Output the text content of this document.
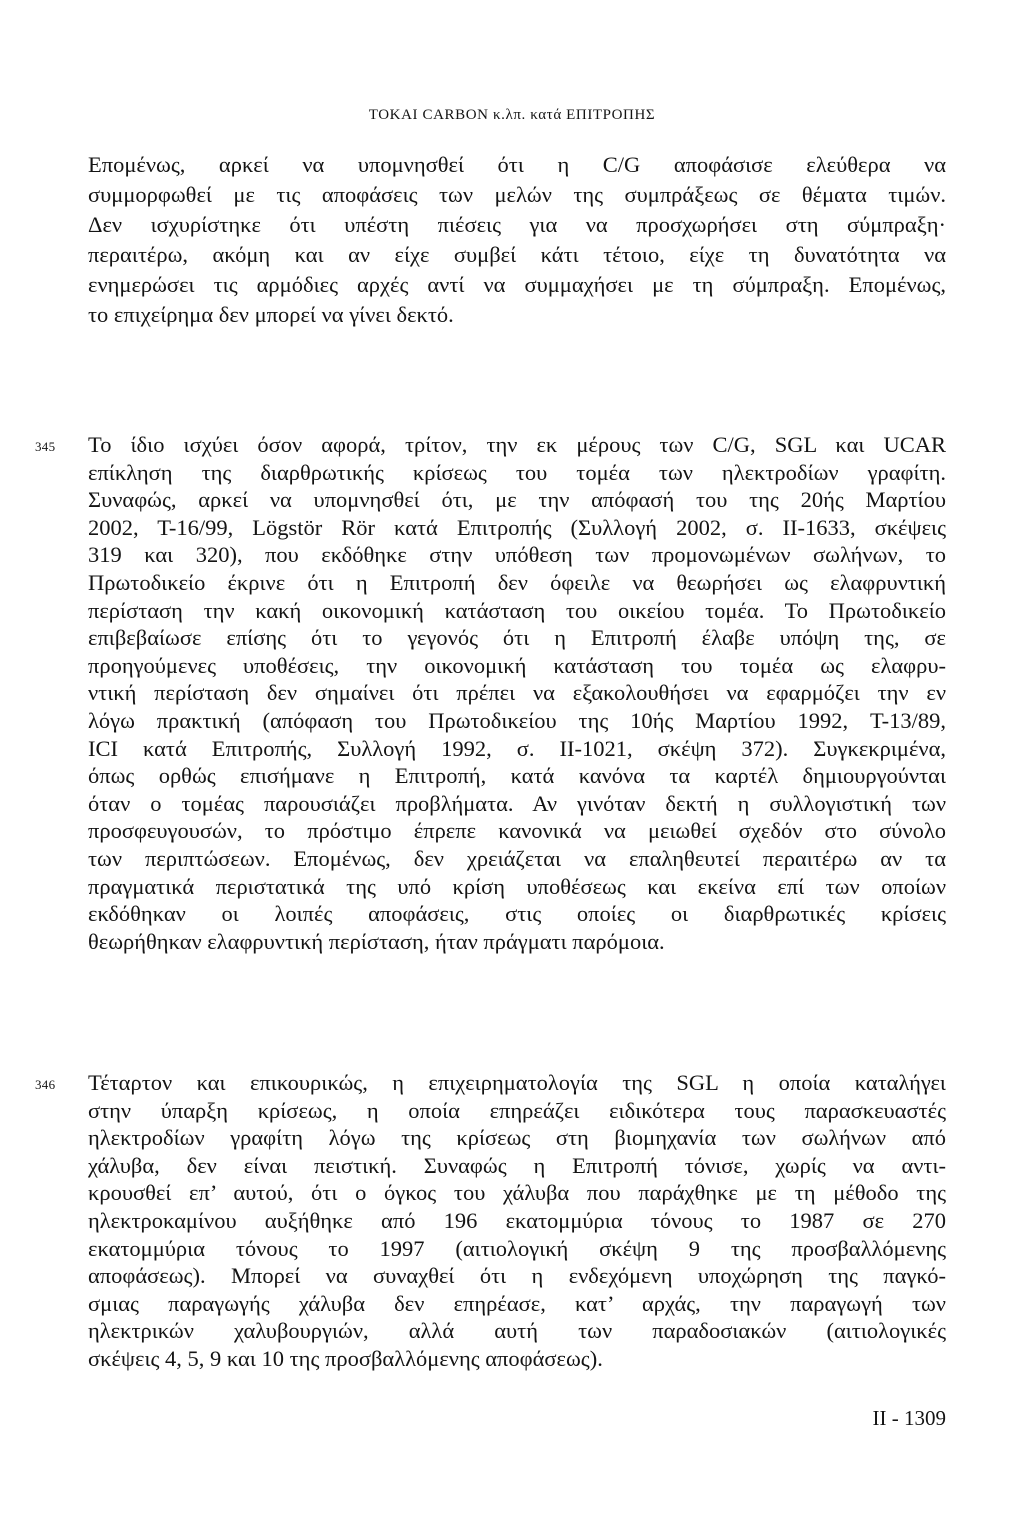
TOKAI CARBON κ.λπ. κατά ΕΠΙΤΡΟΠΗΣ
Επομένως, αρκεί να υπομνησθεί ότι η C/G αποφάσισε ελεύθερα να
συμμορφωθεί με τις αποφάσεις των μελών της συμπράξεως σε θέματα τιμών.
Δεν ισχυρίστηκε ότι υπέστη πιέσεις για να προσχωρήσει στη σύμπραξη·
περαιτέρω, ακόμη και αν είχε συμβεί κάτι τέτοιο, είχε τη δυνατότητα να
ενημερώσει τις αρμόδιες αρχές αντί να συμμαχήσει με τη σύμπραξη. Επομένως,
το επιχείρημα δεν μπορεί να γίνει δεκτό.
345 Το ίδιο ισχύει όσον αφορά, τρίτον, την εκ μέρους των C/G, SGL και UCAR
επίκληση της διαρθρωτικής κρίσεως του τομέα των ηλεκτροδίων γραφίτη.
Συναφώς, αρκεί να υπομνησθεί ότι, με την απόφασή του της 20ής Μαρτίου
2002, T-16/99, Lögstör Rör κατά Επιτροπής (Συλλογή 2002, σ. II-1633, σκέψεις
319 και 320), που εκδόθηκε στην υπόθεση των προμονωμένων σωλήνων, το
Πρωτοδικείο έκρινε ότι η Επιτροπή δεν όφειλε να θεωρήσει ως ελαφρυντική
περίσταση την κακή οικονομική κατάσταση του οικείου τομέα. Το Πρωτοδικείο
επιβεβαίωσε επίσης ότι το γεγονός ότι η Επιτροπή έλαβε υπόψη της, σε
προηγούμενες υποθέσεις, την οικονομική κατάσταση του τομέα ως ελαφρυ-
ντική περίσταση δεν σημαίνει ότι πρέπει να εξακολουθήσει να εφαρμόζει την εν
λόγω πρακτική (απόφαση του Πρωτοδικείου της 10ής Μαρτίου 1992, T-13/89,
ICI κατά Επιτροπής, Συλλογή 1992, σ. II-1021, σκέψη 372). Συγκεκριμένα,
όπως ορθώς επισήμανε η Επιτροπή, κατά κανόνα τα καρτέλ δημιουργούνται
όταν ο τομέας παρουσιάζει προβλήματα. Αν γινόταν δεκτή η συλλογιστική των
προσφευγουσών, το πρόστιμο έπρεπε κανονικά να μειωθεί σχεδόν στο σύνολο
των περιπτώσεων. Επομένως, δεν χρειάζεται να επαληθευτεί περαιτέρω αν τα
πραγματικά περιστατικά της υπό κρίση υποθέσεως και εκείνα επί των οποίων
εκδόθηκαν οι λοιπές αποφάσεις, στις οποίες οι διαρθρωτικές κρίσεις
θεωρήθηκαν ελαφρυντική περίσταση, ήταν πράγματι παρόμοια.
346 Τέταρτον και επικουρικώς, η επιχειρηματολογία της SGL η οποία καταλήγει
στην ύπαρξη κρίσεως, η οποία επηρεάζει ειδικότερα τους παρασκευαστές
ηλεκτροδίων γραφίτη λόγω της κρίσεως στη βιομηχανία των σωλήνων από
χάλυβα, δεν είναι πειστική. Συναφώς η Επιτροπή τόνισε, χωρίς να αντι-
κρουσθεί επ’ αυτού, ότι ο όγκος του χάλυβα που παράχθηκε με τη μέθοδο της
ηλεκτροκαμίνου αυξήθηκε από 196 εκατομμύρια τόνους το 1987 σε 270
εκατομμύρια τόνους το 1997 (αιτιολογική σκέψη 9 της προσβαλλόμενης
αποφάσεως). Μπορεί να συναχθεί ότι η ενδεχόμενη υποχώρηση της παγκό-
σμιας παραγωγής χάλυβα δεν επηρέασε, κατ’ αρχάς, την παραγωγή των
ηλεκτρικών χαλυβουργιών, αλλά αυτή των παραδοσιακών (αιτιολογικές
σκέψεις 4, 5, 9 και 10 της προσβαλλόμενης αποφάσεως).
II - 1309
